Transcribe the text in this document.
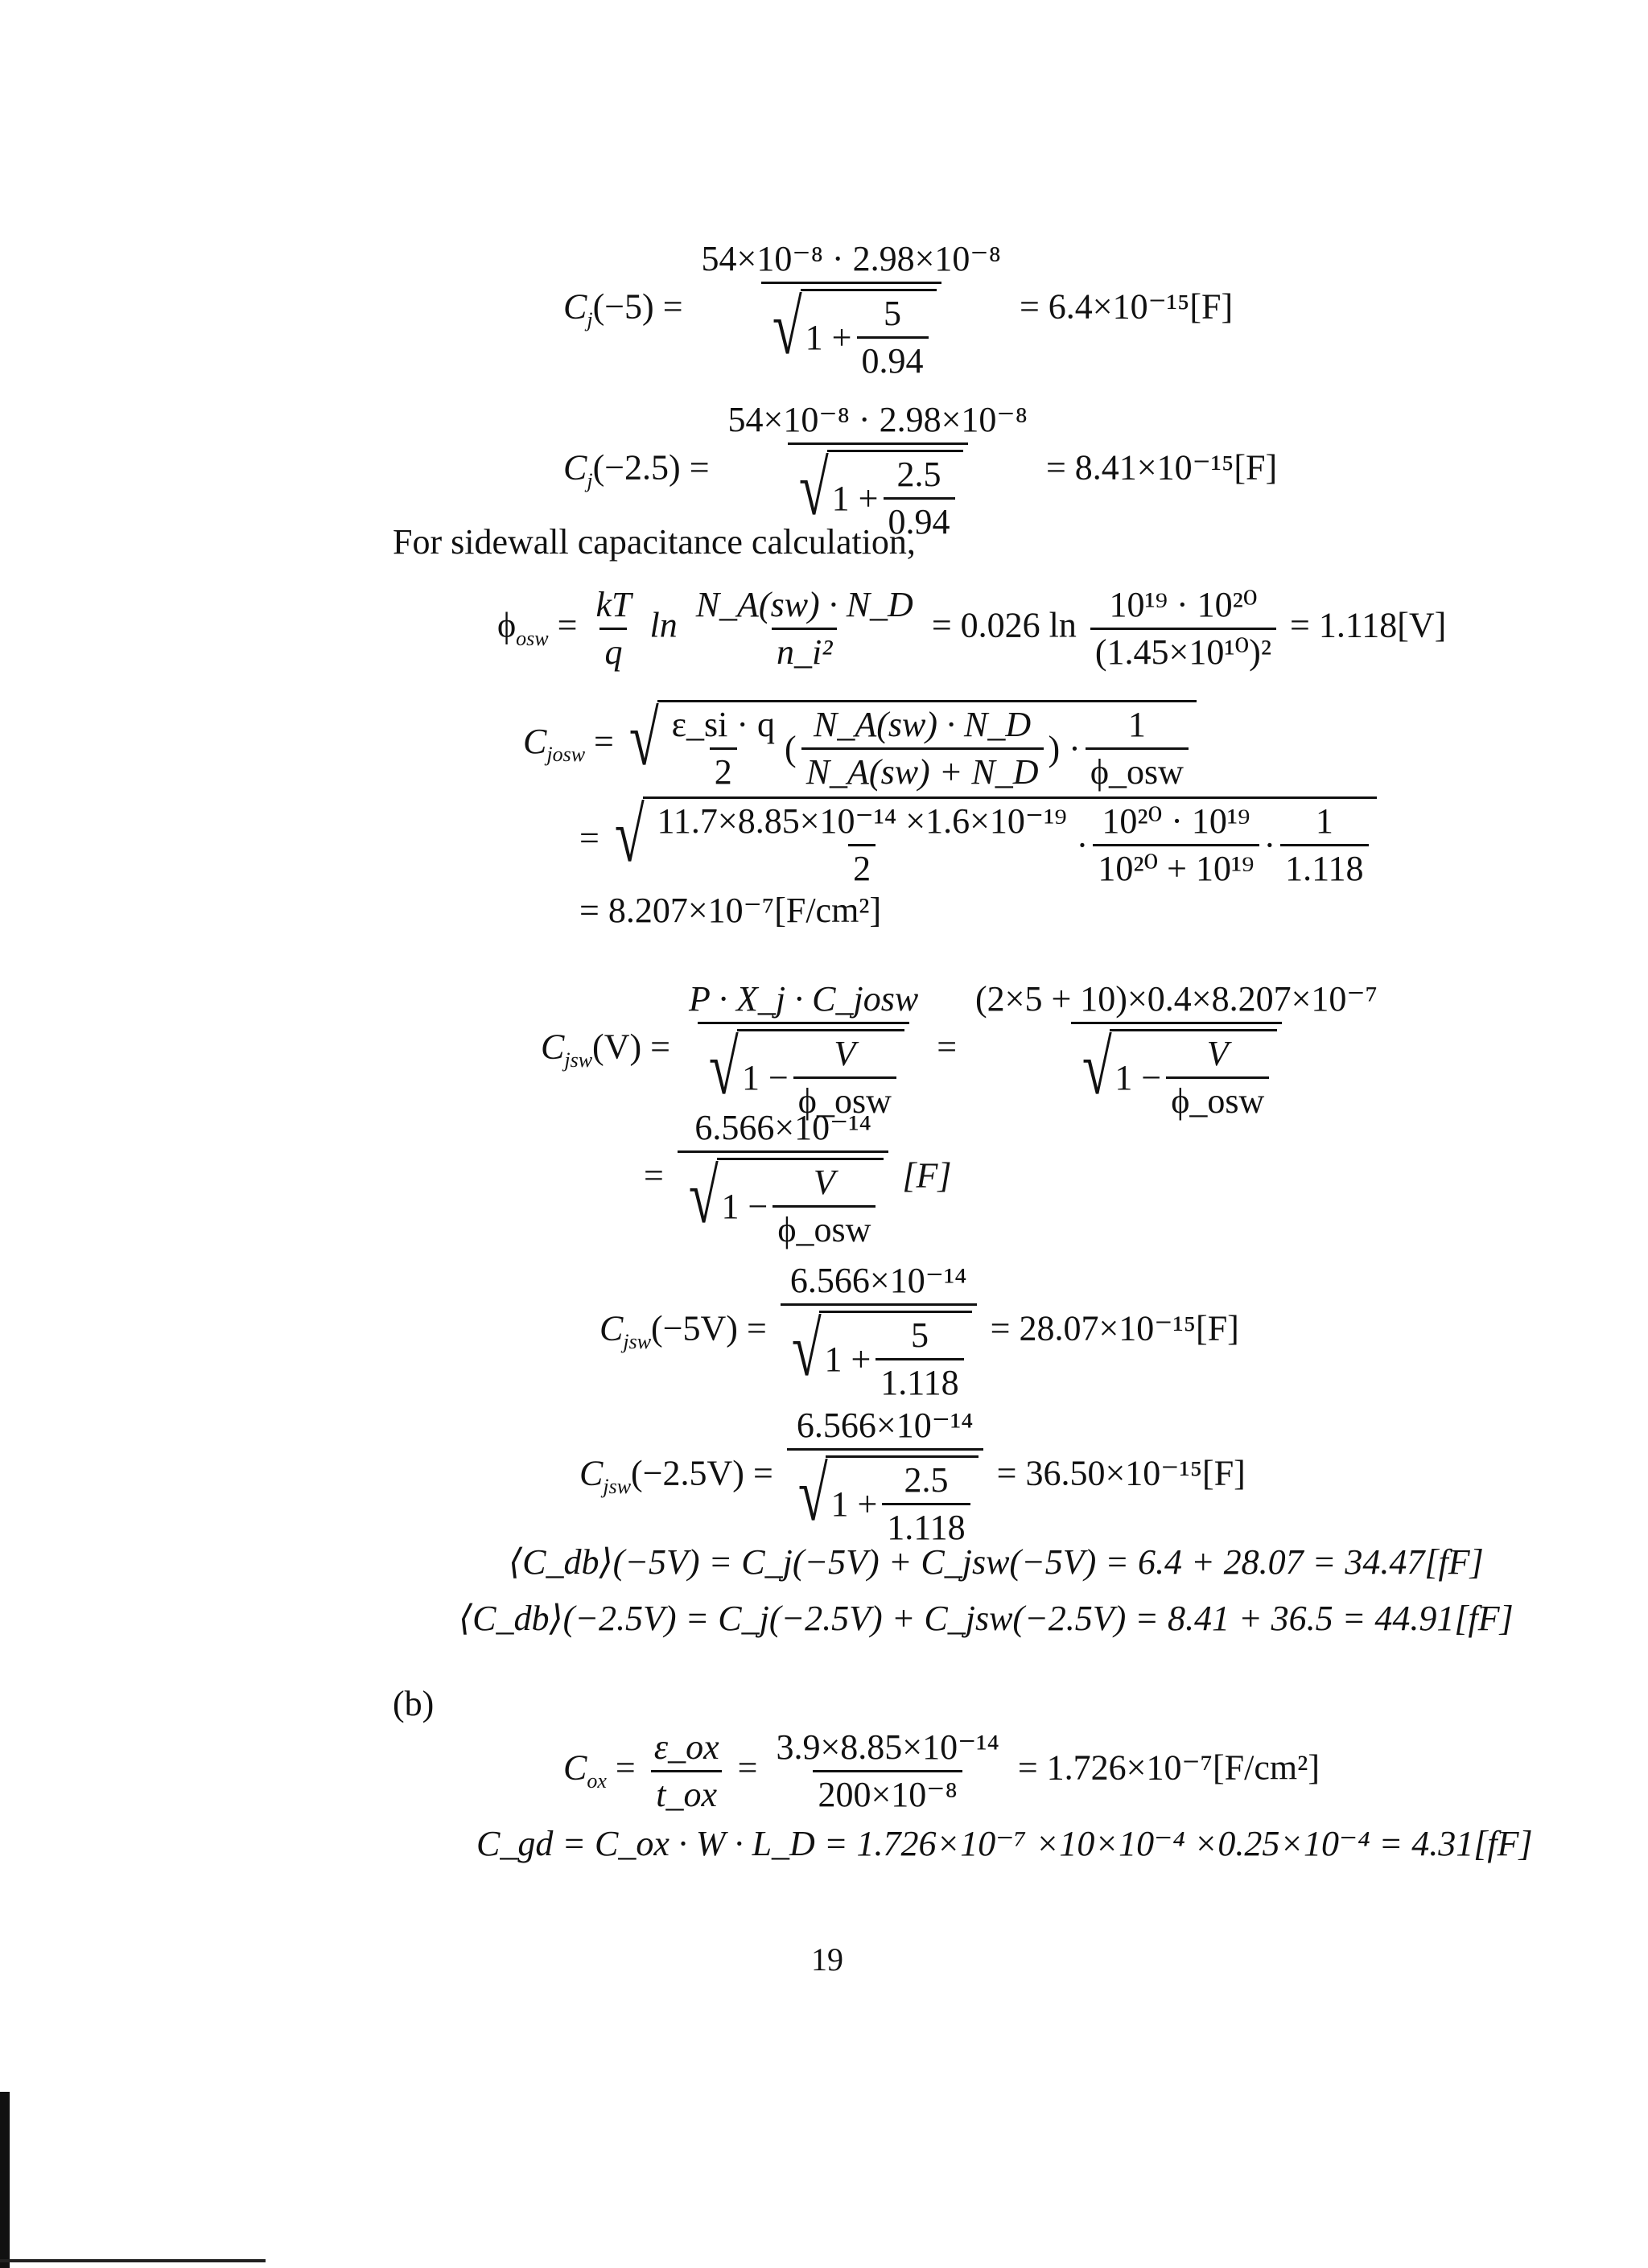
$C_j(-5) = \frac{\text{54×10⁻⁸ · 2.98×10⁻⁸}}{√ 1 + \frac{5}{0.94}} = 6.4\times 10^{-15}[F]$
$C_j(-2.5) = \frac{\text{54×10⁻⁸ · 2.98×10⁻⁸}}{√ 1 + \frac{2.5}{0.94}} = 8.41\times 10^{-15}[F]$
For sidewall capacitance calculation,
$\phi_{osw} = \frac{kT}{q}$ $\ln \frac{N\_A(sw) \cdot N\_D}{\text{n\_i²}} = 0.026$ $\ln \frac{\text{10¹⁹ · 10²⁰}}{\text{(1.45×10¹⁰)²}} = 1.118[V]$
$C_{josw}$ = √ $\frac{\varepsilon\_si \cdot q}{2}$ ( $\frac{N\_A(sw) \cdot N\_D}{N\_A(sw) + N\_D}$ ) · $\frac{1}{\text{ϕ\_osw}}$
= √ $\frac{\text{11.7×8.85×10⁻¹⁴ ×1.6×10⁻¹⁹}}{2} \cdot \frac{\text{10²⁰ · 10¹⁹}}{\text{10²⁰ + 10¹⁹}} \cdot \frac{1}{1.118}$
= 8.207×10⁻⁷[F/cm²]
$C_{jsw}(V) = \frac{\text{P · X\_j · C\_josw}}{√ 1 - \frac{V}{\text{ϕ\_osw}}} = \frac{\text{(2×5 + 10)×0.4×8.207×10⁻⁷}}{√ 1 - \frac{V}{\text{ϕ\_osw}}}$
= $\frac{\text{6.566×10⁻¹⁴}}{√ 1 - \frac{V}{\text{ϕ\_osw}}} [F]$
$C_{jsw}(-5V) = \frac{\text{6.566×10⁻¹⁴}}{√ 1 + \frac{5}{1.118}} = 28.07\times 10^{-15}[F]$
$C_{jsw}(-2.5V) = \frac{\text{6.566×10⁻¹⁴}}{√ 1 + \frac{2.5}{1.118}} = 36.50\times 10^{-15}[F]$
⟨C_db⟩(−5V) = C_j(−5V) + C_jsw(−5V) = 6.4 + 28.07 = 34.47[fF]
⟨C_db⟩(−2.5V) = C_j(−2.5V) + C_jsw(−2.5V) = 8.41 + 36.5 = 44.91[fF]
(b)
$C_{ox} = \frac{\varepsilon\_ox}{t\_ox} = \frac{\text{3.9×8.85×10⁻¹⁴}}{\text{200×10⁻⁸}} = 1.726\times 10^{-7}[F/cm^2]$
C_gd = C_ox · W · L_D = 1.726×10⁻⁷ ×10×10⁻⁴ ×0.25×10⁻⁴ = 4.31[fF]
19
